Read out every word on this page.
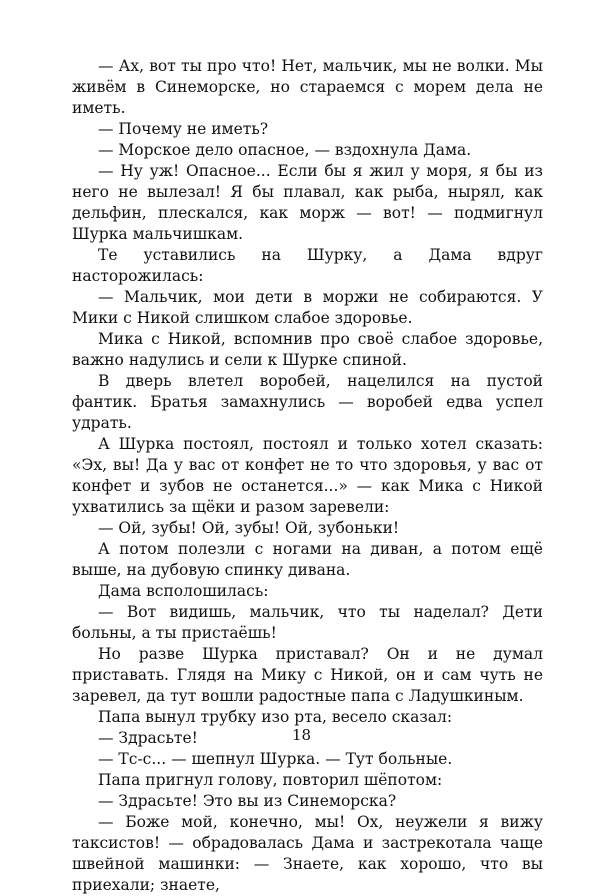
— Ах, вот ты про что! Нет, мальчик, мы не волки. Мы живём в Синеморске, но стараемся с морем дела не иметь.

— Почему не иметь?

— Морское дело опасное, — вздохнула Дама.

— Ну уж! Опасное... Если бы я жил у моря, я бы из него не вылезал! Я бы плавал, как рыба, нырял, как дельфин, плескался, как морж — вот! — подмигнул Шурка мальчишкам.

Те уставились на Шурку, а Дама вдруг насторожилась:

— Мальчик, мои дети в моржи не собираются. У Мики с Никой слишком слабое здоровье.

Мика с Никой, вспомнив про своё слабое здоровье, важно надулись и сели к Шурке спиной.

В дверь влетел воробей, нацелился на пустой фантик. Братья замахнулись — воробей едва успел удрать.

А Шурка постоял, постоял и только хотел сказать: «Эх, вы! Да у вас от конфет не то что здоровья, у вас от конфет и зубов не останется...» — как Мика с Никой ухватились за щёки и разом заревели:

— Ой, зубы! Ой, зубы! Ой, зубоньки!

А потом полезли с ногами на диван, а потом ещё выше, на дубовую спинку дивана.

Дама всполошилась:

— Вот видишь, мальчик, что ты наделал? Дети больны, а ты пристаёшь!

Но разве Шурка приставал? Он и не думал приставать. Глядя на Мику с Никой, он и сам чуть не заревел, да тут вошли радостные папа с Ладушкиным.

Папа вынул трубку изо рта, весело сказал:

— Здрасьте!

— Тс-с... — шепнул Шурка. — Тут больные.

Папа пригнул голову, повторил шёпотом:

— Здрасьте! Это вы из Синеморска?

— Боже мой, конечно, мы! Ох, неужели я вижу таксистов! — обрадовалась Дама и застрекотала чаще швейной машинки: — Знаете, как хорошо, что вы приехали; знаете,

18
